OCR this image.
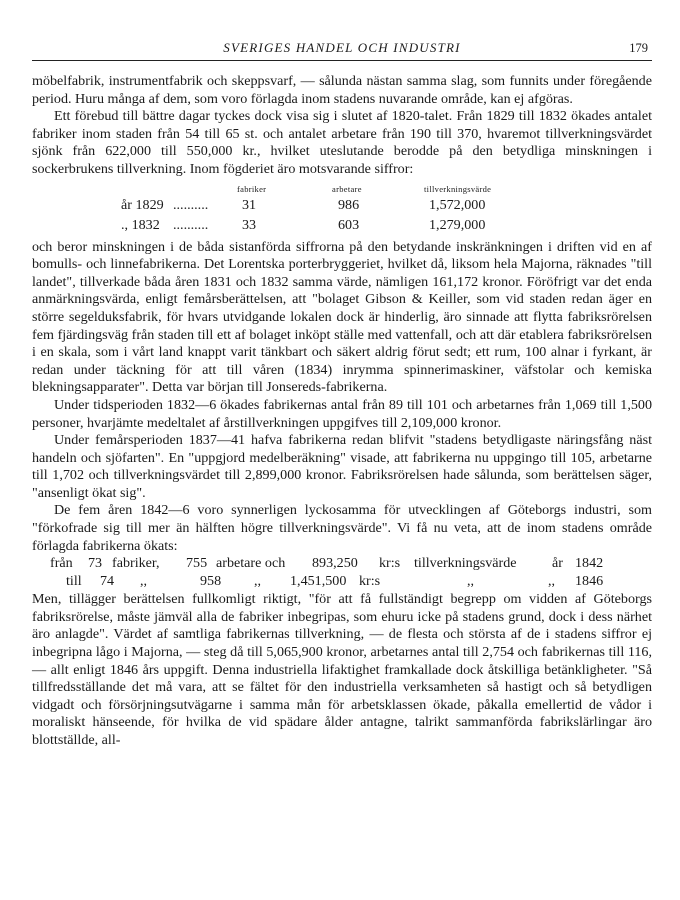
SVERIGES HANDEL OCH INDUSTRI	179

möbelfabrik, instrumentfabrik och skeppsvarf, — sålunda nästan samma slag, som funnits under föregående period. Huru många af dem, som voro förlagda inom stadens nuvarande område, kan ej afgöras.

Ett förebud till bättre dagar tyckes dock visa sig i slutet af 1820-talet. Från 1829 till 1832 ökades antalet fabriker inom staden från 54 till 65 st. och antalet arbetare från 190 till 370, hvaremot tillverkningsvärdet sjönk från 622,000 till 550,000 kr., hvilket uteslutande berodde på den betydliga minskningen i sockerbrukens tillverkning. Inom fögderiet äro motsvarande siffror:

fabriker	arbetare	tillverkningsvärde
år 1829 .......... 31	986	1,572,000
., 1832 .......... 33	603	1,279,000

och beror minskningen i de båda sistanförda siffrorna på den betydande inskränkningen i driften vid en af bomulls- och linnefabrikerna. Det Lorentska porterbryggeriet, hvilket då, liksom hela Majorna, räknades "till landet", tillverkade båda åren 1831 och 1832 samma värde, nämligen 161,172 kronor. Föröfrigt var det enda anmärkningsvärda, enligt femårsberättelsen, att "bolaget Gibson & Keiller, som vid staden redan äger en större segelduksfabrik, för hvars utvidgande lokalen dock är hinderlig, äro sinnade att flytta fabriksrörelsen fem fjärdingsväg från staden till ett af bolaget inköpt ställe med vattenfall, och att där etablera fabriksrörelsen i en skala, som i vårt land knappt varit tänkbart och säkert aldrig förut sedt; ett rum, 100 alnar i fyrkant, är redan under täckning för att till våren (1834) inrymma spinnerimaskiner, väfstolar och kemiska blekningsapparater". Detta var början till Jonsereds-fabrikerna.

Under tidsperioden 1832—6 ökades fabrikernas antal från 89 till 101 och arbetarnes från 1,069 till 1,500 personer, hvarjämte medeltalet af årstillverkningen uppgifves till 2,109,000 kronor.

Under femårsperioden 1837—41 hafva fabrikerna redan blifvit "stadens betydligaste näringsfång näst handeln och sjöfarten". En "uppgjord medelberäkning" visade, att fabrikerna nu uppgingo till 105, arbetarne till 1,702 och tillverkningsvärdet till 2,899,000 kronor. Fabriksrörelsen hade sålunda, som berättelsen säger, "ansenligt ökat sig".

De fem åren 1842—6 voro synnerligen lyckosamma för utvecklingen af Göteborgs industri, som "förkofrade sig till mer än hälften högre tillverkningsvärde". Vi få nu veta, att de inom stadens område förlagda fabrikerna ökats:

från 73 fabriker, 755 arbetare och 893,250 kr:s tillverkningsvärde	år 1842
till 74 ,,	958 ,, 1,451,500 kr:s	,,	,, 1846

Men, tillägger berättelsen fullkomligt riktigt, "för att få fullständigt begrepp om vidden af Göteborgs fabriksrörelse, måste jämväl alla de fabriker inbegripas, som ehuru icke på stadens grund, dock i dess närhet äro anlagde". Värdet af samtliga fabrikernas tillverkning, — de flesta och största af de i stadens siffror ej inbegripna lågo i Majorna, — steg då till 5,065,900 kronor, arbetarnes antal till 2,754 och fabrikernas till 116, — allt enligt 1846 års uppgift. Denna industriella lifaktighet framkallade dock åtskilliga betänkligheter. "Så tillfredsställande det må vara, att se fältet för den industriella verksamheten så hastigt och så betydligen vidgadt och försörjningsutvägarne i samma mån för arbetsklassen ökade, påkalla emellertid de vådor i moraliskt hänseende, för hvilka de vid spädare ålder antagne, talrikt sammanförda fabrikslärlingar äro blottställde, all-
